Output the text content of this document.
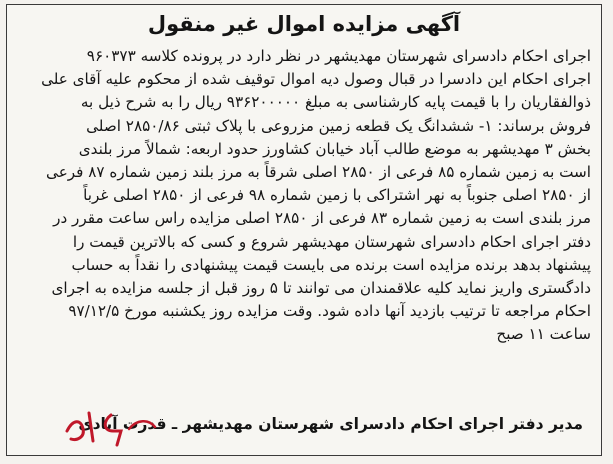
آگهی مزایده اموال غیر منقول

اجرای احکام دادسرای شهرستان مهدیشهر در نظر دارد در پرونده کلاسه ۹۶۰۳۷۳

اجرای احکام این دادسرا در قبال وصول دیه اموال توقیف شده از محکوم علیه آقای علی

ذوالفقاریان را با قیمت پایه کارشناسی به مبلغ ۹۳۶۲۰۰۰۰۰ ریال را به شرح ذیل به

فروش برساند: ۱- ششدانگ یک قطعه زمین مزروعی با پلاک ثبتی ۲۸۵۰/۸۶ اصلی

بخش ۳ مهدیشهر به موضع طالب آباد خیابان کشاورز حدود اربعه: شمالاً مرز بلندی

است به زمین شماره ۸۵ فرعی از ۲۸۵۰ اصلی شرقاً به مرز بلند زمین شماره ۸۷ فرعی

از ۲۸۵۰ اصلی جنوباً به نهر اشتراکی با زمین شماره ۹۸ فرعی از ۲۸۵۰ اصلی غرباً

مرز بلندی است به زمین شماره ۸۳ فرعی از ۲۸۵۰ اصلی مزایده راس ساعت مقرر در

دفتر اجرای احکام دادسرای شهرستان مهدیشهر شروع و کسی که بالاترین قیمت را

پیشنهاد بدهد برنده مزایده است برنده می بایست قیمت پیشنهادی را نقداً به حساب

دادگستری واریز نماید کلیه علاقمندان می توانند تا ۵ روز قبل از جلسه مزایده به اجرای

احکام مراجعه تا ترتیب بازدید آنها داده شود. وقت مزایده روز یکشنبه مورخ ۹۷/۱۲/۵

ساعت ۱۱ صبح

مدیر دفتر اجرای احکام دادسرای شهرستان مهدیشهر ـ قدرت آبادی
